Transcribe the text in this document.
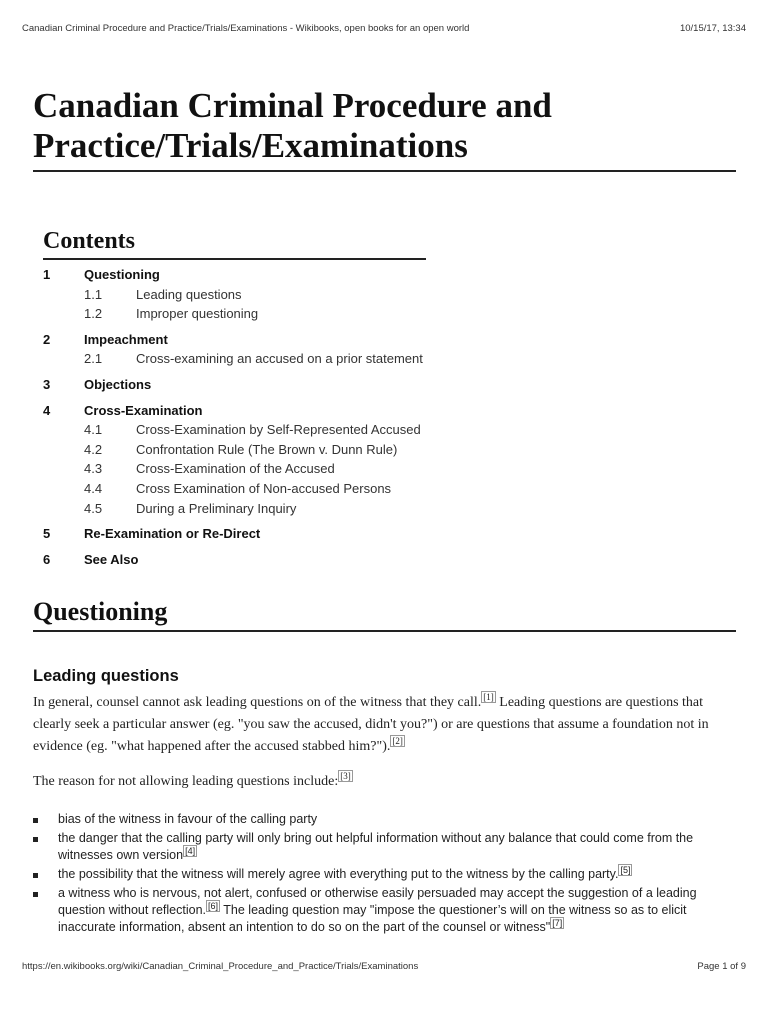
Canadian Criminal Procedure and Practice/Trials/Examinations - Wikibooks, open books for an open world	10/15/17, 13:34
Canadian Criminal Procedure and Practice/Trials/Examinations
Contents
1	Questioning
1.1	Leading questions
1.2	Improper questioning
2	Impeachment
2.1	Cross-examining an accused on a prior statement
3	Objections
4	Cross-Examination
4.1	Cross-Examination by Self-Represented Accused
4.2	Confrontation Rule (The Brown v. Dunn Rule)
4.3	Cross-Examination of the Accused
4.4	Cross Examination of Non-accused Persons
4.5	During a Preliminary Inquiry
5	Re-Examination or Re-Direct
6	See Also
Questioning
Leading questions

In general, counsel cannot ask leading questions on of the witness that they call. [1] Leading questions are questions that clearly seek a particular answer (eg. "you saw the accused, didn't you?") or are questions that assume a foundation not in evidence (eg. "what happened after the accused stabbed him?"). [2]

The reason for not allowing leading questions include: [3]

bias of the witness in favour of the calling party
the danger that the calling party will only bring out helpful information without any balance that could come from the witnesses own version [4]
the possibility that the witness will merely agree with everything put to the witness by the calling party. [5]
a witness who is nervous, not alert, confused or otherwise easily persuaded may accept the suggestion of a leading question without reflection. [6] The leading question may "impose the questioner’s will on the witness so as to elicit inaccurate information, absent an intention to do so on the part of the counsel or witness" [7]
https://en.wikibooks.org/wiki/Canadian_Criminal_Procedure_and_Practice/Trials/Examinations	Page 1 of 9
